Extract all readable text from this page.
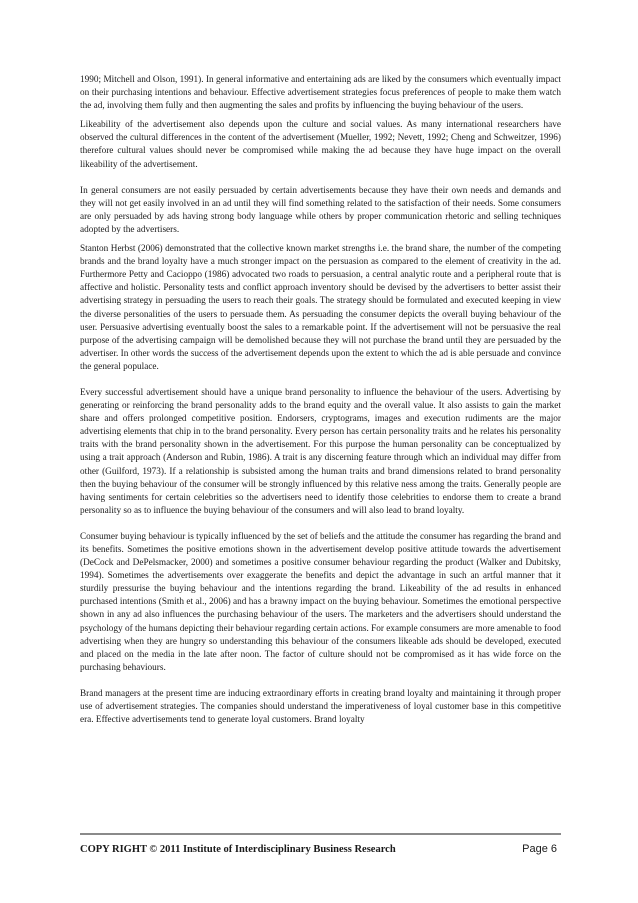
1990; Mitchell and Olson, 1991). In general informative and entertaining ads are liked by the consumers which eventually impact on their purchasing intentions and behaviour. Effective advertisement strategies focus preferences of people to make them watch the ad, involving them fully and then augmenting the sales and profits by influencing the buying behaviour of the users.

Likeability of the advertisement also depends upon the culture and social values. As many international researchers have observed the cultural differences in the content of the advertisement (Mueller, 1992; Nevett, 1992; Cheng and Schweitzer, 1996) therefore cultural values should never be compromised while making the ad because they have huge impact on the overall likeability of the advertisement.

In general consumers are not easily persuaded by certain advertisements because they have their own needs and demands and they will not get easily involved in an ad until they will find something related to the satisfaction of their needs. Some consumers are only persuaded by ads having strong body language while others by proper communication rhetoric and selling techniques adopted by the advertisers.

Stanton Herbst (2006) demonstrated that the collective known market strengths i.e. the brand share, the number of the competing brands and the brand loyalty have a much stronger impact on the persuasion as compared to the element of creativity in the ad. Furthermore Petty and Cacioppo (1986) advocated two roads to persuasion, a central analytic route and a peripheral route that is affective and holistic. Personality tests and conflict approach inventory should be devised by the advertisers to better assist their advertising strategy in persuading the users to reach their goals. The strategy should be formulated and executed keeping in view the diverse personalities of the users to persuade them. As persuading the consumer depicts the overall buying behaviour of the user. Persuasive advertising eventually boost the sales to a remarkable point. If the advertisement will not be persuasive the real purpose of the advertising campaign will be demolished because they will not purchase the brand until they are persuaded by the advertiser. In other words the success of the advertisement depends upon the extent to which the ad is able persuade and convince the general populace.

Every successful advertisement should have a unique brand personality to influence the behaviour of the users. Advertising by generating or reinforcing the brand personality adds to the brand equity and the overall value. It also assists to gain the market share and offers prolonged competitive position. Endorsers, cryptograms, images and execution rudiments are the major advertising elements that chip in to the brand personality. Every person has certain personality traits and he relates his personality traits with the brand personality shown in the advertisement. For this purpose the human personality can be conceptualized by using a trait approach (Anderson and Rubin, 1986). A trait is any discerning feature through which an individual may differ from other (Guilford, 1973). If a relationship is subsisted among the human traits and brand dimensions related to brand personality then the buying behaviour of the consumer will be strongly influenced by this relative ness among the traits. Generally people are having sentiments for certain celebrities so the advertisers need to identify those celebrities to endorse them to create a brand personality so as to influence the buying behaviour of the consumers and will also lead to brand loyalty.

Consumer buying behaviour is typically influenced by the set of beliefs and the attitude the consumer has regarding the brand and its benefits. Sometimes the positive emotions shown in the advertisement develop positive attitude towards the advertisement (DeCock and DePelsmacker, 2000) and sometimes a positive consumer behaviour regarding the product (Walker and Dubitsky, 1994). Sometimes the advertisements over exaggerate the benefits and depict the advantage in such an artful manner that it sturdily pressurise the buying behaviour and the intentions regarding the brand. Likeability of the ad results in enhanced purchased intentions (Smith et al., 2006) and has a brawny impact on the buying behaviour. Sometimes the emotional perspective shown in any ad also influences the purchasing behaviour of the users. The marketers and the advertisers should understand the psychology of the humans depicting their behaviour regarding certain actions. For example consumers are more amenable to food advertising when they are hungry so understanding this behaviour of the consumers likeable ads should be developed, executed and placed on the media in the late after noon. The factor of culture should not be compromised as it has wide force on the purchasing behaviours.

Brand managers at the present time are inducing extraordinary efforts in creating brand loyalty and maintaining it through proper use of advertisement strategies. The companies should understand the imperativeness of loyal customer base in this competitive era. Effective advertisements tend to generate loyal customers. Brand loyalty

COPY RIGHT © 2011 Institute of Interdisciplinary Business Research	Page 6
